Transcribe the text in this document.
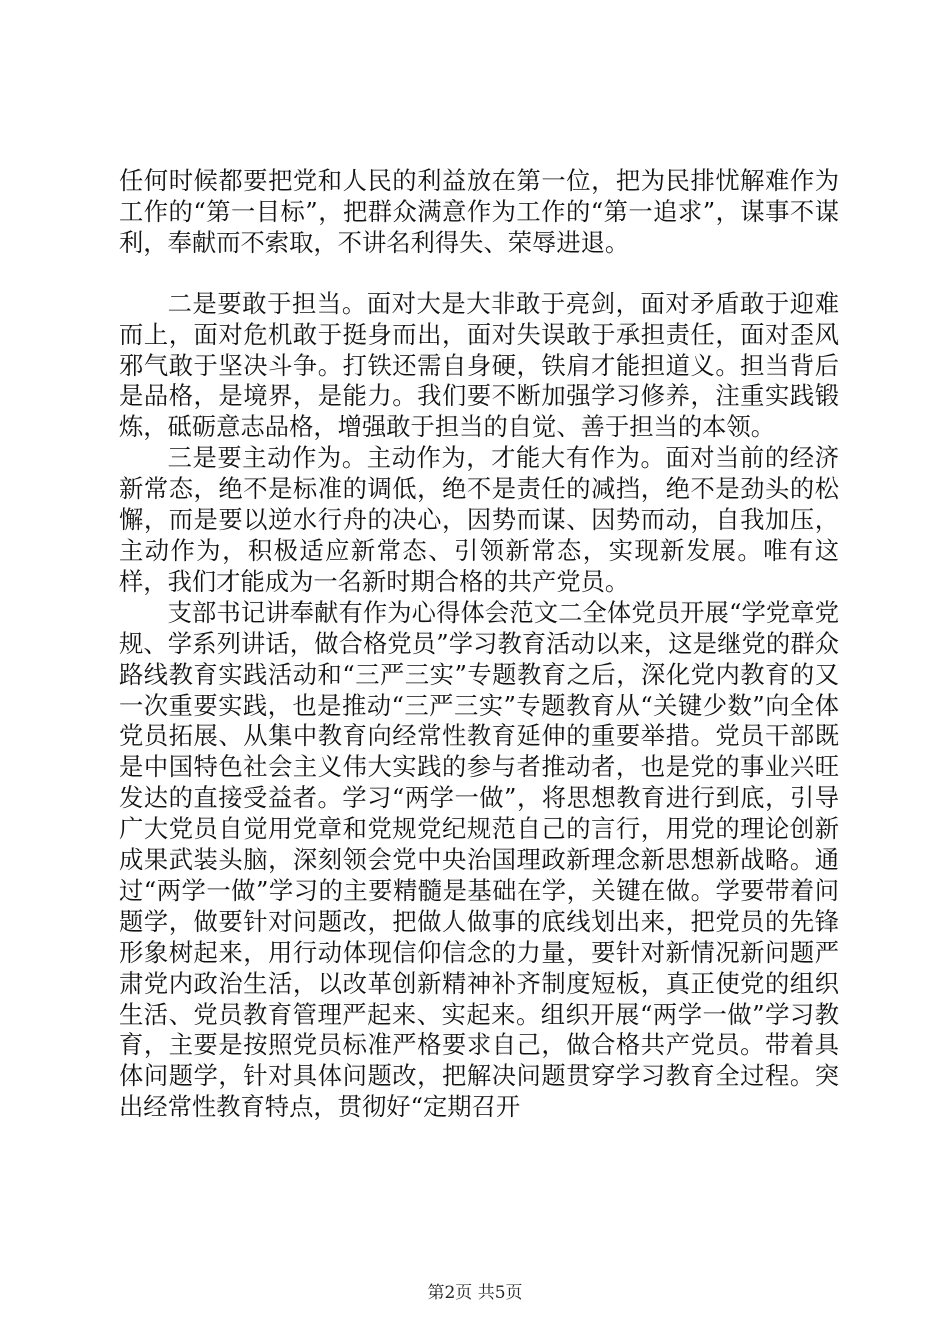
任何时候都要把党和人民的利益放在第一位，把为民排忧解难作为工作的“第一目标”，把群众满意作为工作的“第一追求”，谋事不谋利，奉献而不索取，不讲名利得失、荣辱进退。

二是要敢于担当。面对大是大非敢于亮剑，面对矛盾敢于迎难而上，面对危机敢于挺身而出，面对失误敢于承担责任，面对歪风邪气敢于坚决斗争。打铁还需自身硬，铁肩才能担道义。担当背后是品格，是境界，是能力。我们要不断加强学习修养，注重实践锻炼，砥砺意志品格，增强敢于担当的自觉、善于担当的本领。

三是要主动作为。主动作为，才能大有作为。面对当前的经济新常态，绝不是标准的调低，绝不是责任的减挡，绝不是劲头的松懈，而是要以逆水行舟的决心，因势而谋、因势而动，自我加压，主动作为，积极适应新常态、引领新常态，实现新发展。唯有这样，我们才能成为一名新时期合格的共产党员。

支部书记讲奉献有作为心得体会范文二全体党员开展“学党章党规、学系列讲话，做合格党员”学习教育活动以来，这是继党的群众路线教育实践活动和“三严三实”专题教育之后，深化党内教育的又一次重要实践，也是推动“三严三实”专题教育从“关键少数”向全体党员拓展、从集中教育向经常性教育延伸的重要举措。党员干部既是中国特色社会主义伟大实践的参与者推动者，也是党的事业兴旺发达的直接受益者。学习“两学一做”，将思想教育进行到底，引导广大党员自觉用党章和党规党纪规范自己的言行，用党的理论创新成果武装头脑，深刻领会党中央治国理政新理念新思想新战略。通过“两学一做”学习的主要精髓是基础在学，关键在做。学要带着问题学，做要针对问题改，把做人做事的底线划出来，把党员的先锋形象树起来，用行动体现信仰信念的力量，要针对新情况新问题严肃党内政治生活，以改革创新精神补齐制度短板，真正使党的组织生活、党员教育管理严起来、实起来。组织开展“两学一做”学习教育，主要是按照党员标准严格要求自己，做合格共产党员。带着具体问题学，针对具体问题改，把解决问题贯穿学习教育全过程。突出经常性教育特点，贯彻好“定期召开

第2页 共5页
